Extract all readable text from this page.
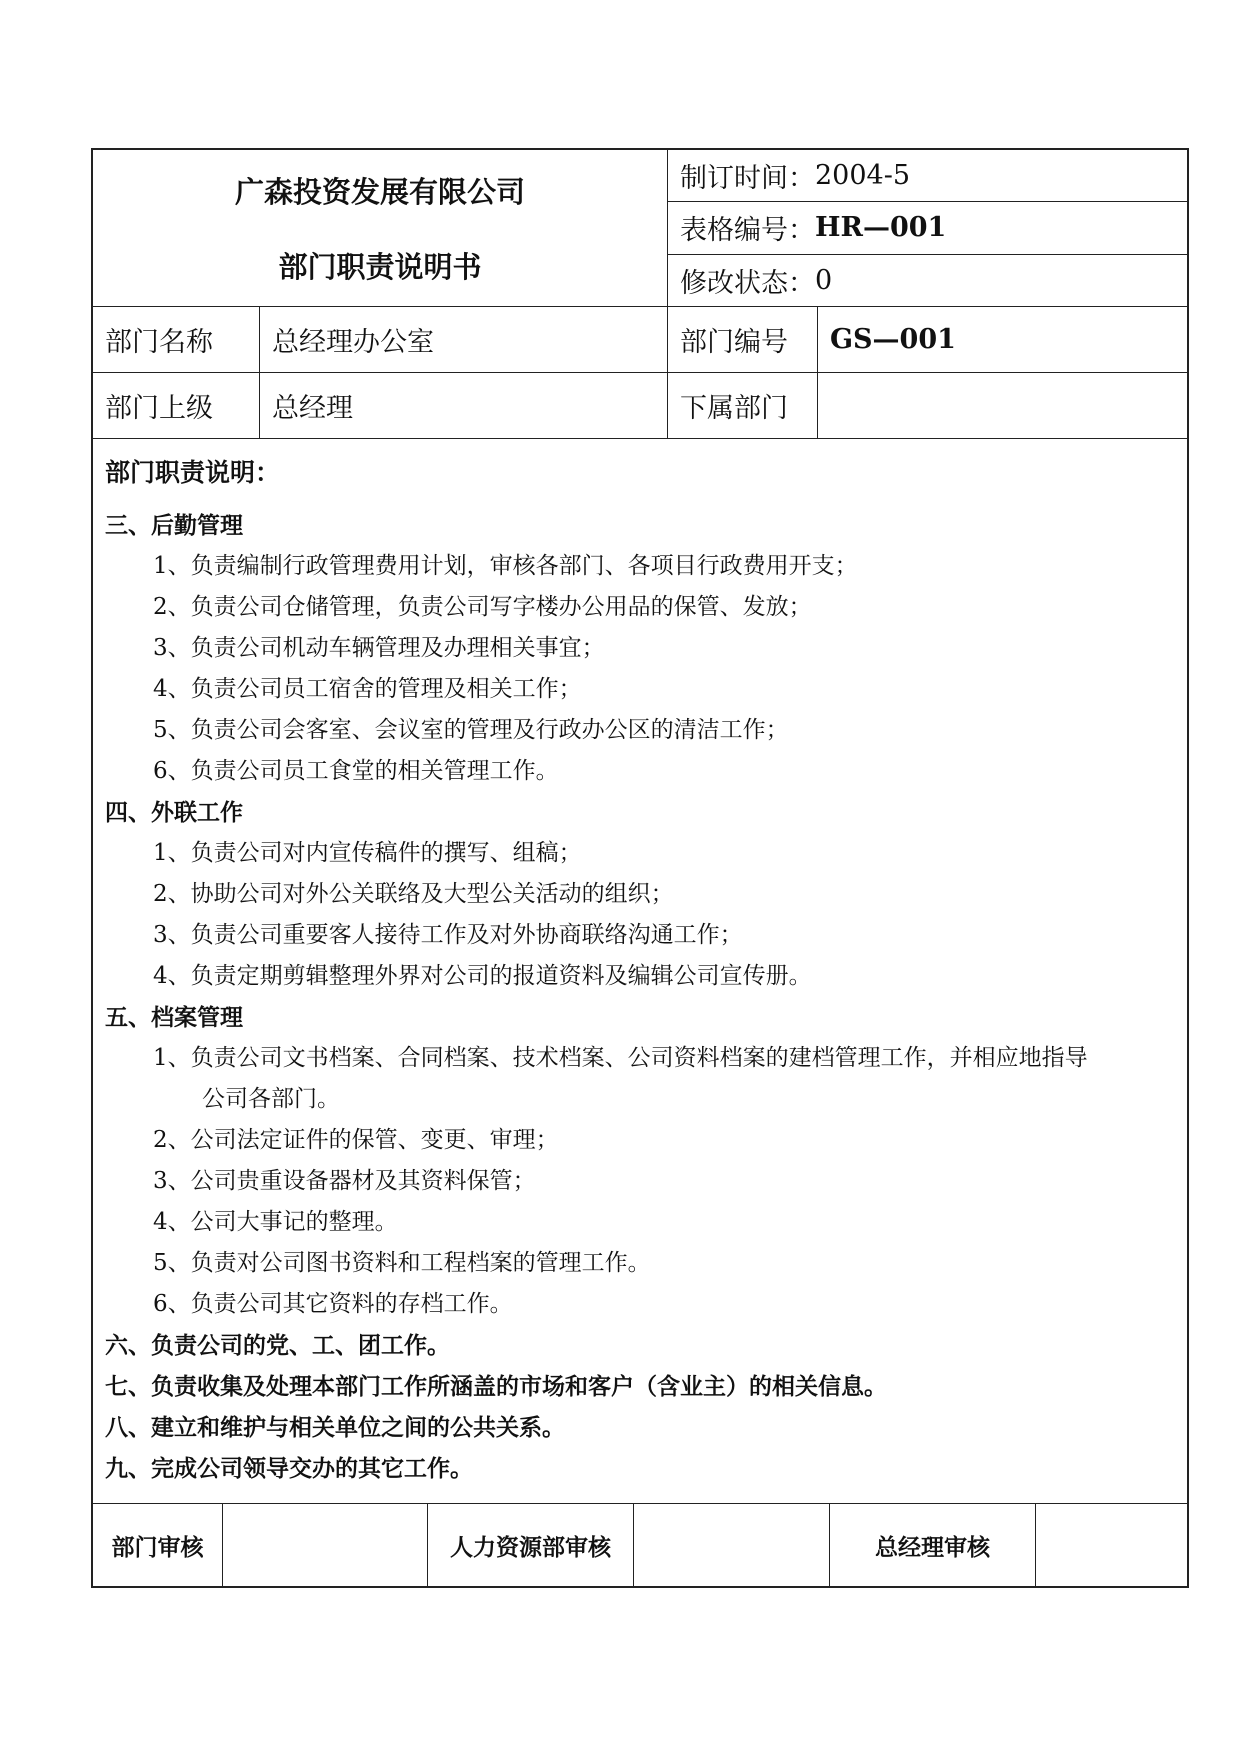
广森投资发展有限公司
部门职责说明书
制订时间： 2004-5
表格编号： HR—001
修改状态： 0
部门名称	总经理办公室	部门编号	GS—001
部门上级	总经理	下属部门
部门职责说明：
三、后勤管理
1、负责编制行政管理费用计划，审核各部门、各项目行政费用开支；
2、负责公司仓储管理，负责公司写字楼办公用品的保管、发放；
3、负责公司机动车辆管理及办理相关事宜；
4、负责公司员工宿舍的管理及相关工作；
5、负责公司会客室、会议室的管理及行政办公区的清洁工作；
6、负责公司员工食堂的相关管理工作。
四、外联工作
1、负责公司对内宣传稿件的撰写、组稿；
2、协助公司对外公关联络及大型公关活动的组织；
3、负责公司重要客人接待工作及对外协商联络沟通工作；
4、负责定期剪辑整理外界对公司的报道资料及编辑公司宣传册。
五、档案管理
1、负责公司文书档案、合同档案、技术档案、公司资料档案的建档管理工作，并相应地指导
公司各部门。
2、公司法定证件的保管、变更、审理；
3、公司贵重设备器材及其资料保管；
4、公司大事记的整理。
5、负责对公司图书资料和工程档案的管理工作。
6、负责公司其它资料的存档工作。
六、负责公司的党、工、团工作。
七、负责收集及处理本部门工作所涵盖的市场和客户（含业主）的相关信息。
八、建立和维护与相关单位之间的公共关系。
九、完成公司领导交办的其它工作。
部门审核	人力资源部审核	总经理审核
